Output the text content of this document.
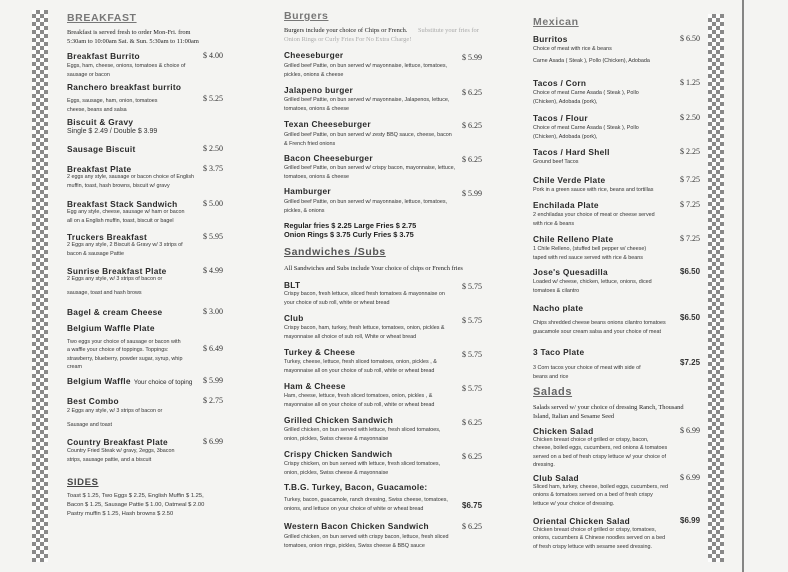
BREAKFAST
Breakfast is served fresh to order Mon-Fri. from
5:30am to 10:00am Sat. & Sun. 5:30am to 11:00am
Breakfast Burrito	$ 4.00
Eggs, ham, cheese, onions, tomatoes & choice of
sausage or bacon
Ranchero breakfast burrito
$ 5.25
Eggs, sausage, ham, onion, tomatoes
cheese, beans and salsa
Biscuit & Gravy
Single $ 2.49 / Double $ 3.99
Sausage Biscuit	$ 2.50
Breakfast Plate	$ 3.75
2 eggs any style, sausage or bacon choice of English
muffin, toast, hash browns, biscuit w/ gravy
Breakfast Stack Sandwich	$ 5.00
Egg any style, cheese, sausage w/ ham or bacon
all on a English muffin, toast, biscuit or bagel
Truckers Breakfast	$ 5.95
2 Eggs any style, 2 Biscuit & Gravy w/ 3 strips of
bacon & sausage Pattie
Sunrise Breakfast Plate	$ 4.99
2 Eggs any style, w/ 3 strips of bacon or
sausage, toast and hash brows
Bagel & cream Cheese	$ 3.00
Belgium Waffle Plate
$ 6.49
Two eggs your choice of sausage or bacon with
a waffle your choice of toppings. Toppings:
strawberry, blueberry, powder sugar, syrup, whip
cream
Belgium Waffle Your choice of toping $ 5.99
Best Combo	$ 2.75
2 Eggs any style, w/ 3 strips of bacon or
Sausage and toast
Country Breakfast Plate	$ 6.99
Country Fried Steak w/ gravy, 2eggs, 3bacon
strips, sausage pattie, and a biscuit
SIDES
Toast $ 1.25, Two Eggs $ 2.25, English Muffin $ 1.25,
Bacon $ 1.25, Sausage Pattie $ 1.00, Oatmeal $ 2.00
Pastry muffin $ 1.25, Hash browns $ 2.50
Burgers
Burgers include your choice of Chips or French. Substitute your fries for
Onion Rings or Curly Fries For No Extra Charge!
Cheeseburger	$ 5.99
Grilled beef Pattie, on bun served w/ mayonnaise, lettuce, tomatoes,
pickles, onions & cheese
Jalapeno burger	$ 6.25
Grilled beef Pattie, on bun served w/ mayonnaise, Jalapenos, lettuce,
tomatoes, onions & cheese
Texan Cheeseburger	$ 6.25
Grilled beef Pattie, on bun served w/ zesty BBQ sauce, cheese, bacon
& French fried onions
Bacon Cheeseburger	$ 6.25
Grilled beef Pattie, on bun served w/ crispy bacon, mayonnaise, lettuce,
tomatoes, onions & cheese
Hamburger	$ 5.99
Grilled beef Pattie, on bun served w/ mayonnaise, lettuce, tomatoes,
pickles, & onions
Regular fries $ 2.25 Large Fries $ 2.75
Onion Rings $ 3.75 Curly Fries $ 3.75
Sandwiches /Subs
All Sandwiches and Subs include Your choice of chips or French fries
BLT	$ 5.75
Crispy bacon, fresh lettuce, sliced fresh tomatoes & mayonnaise on
your choice of sub roll, white or wheat bread
Club	$ 5.75
Crispy bacon, ham, turkey, fresh lettuce, tomatoes, onion, pickles &
mayonnaise all choice of sub roll, White or wheat bread
Turkey & Cheese	$ 5.75
Turkey, cheese, lettuce, fresh sliced tomatoes, onion, pickles , &
mayonnaise all on your choice of sub roll, white or wheat bread
Ham & Cheese	$ 5.75
Ham, cheese, lettuce, fresh sliced tomatoes, onion, pickles , &
mayonnaise all on your choice of sub roll, white or wheat bread
Grilled Chicken Sandwich	$ 6.25
Grilled chicken, on bun served with lettuce, fresh sliced tomatoes,
onion, pickles, Swiss cheese & mayonnaise
Crispy Chicken Sandwich	$ 6.25
Crispy chicken, on bun served with lettuce, fresh sliced tomatoes,
onion, pickles, Swiss cheese & mayonnaise
T.B.G. Turkey, Bacon, Guacamole:
$6.75
Turkey, bacon, guacamole, ranch dressing, Swiss cheese, tomatoes,
onions, and lettuce on your choice of white or wheat bread
Western Bacon Chicken Sandwich	$ 6.25
Grilled chicken, on bun served with crispy bacon, lettuce, fresh sliced
tomatoes, onion rings, pickles, Swiss cheese & BBQ sauce
Mexican
Burritos	$ 6.50
Choice of meat with rice & beans
Carne Asada ( Steak ), Pollo (Chicken), Adobada
Tacos / Corn	$ 1.25
Choice of meat Carne Asada ( Steak ), Pollo
(Chicken), Adobada (pork),
Tacos / Flour	$ 2.50
Choice of meat Carne Asada ( Steak ), Pollo
(Chicken), Adobada (pork),
Tacos / Hard Shell	$ 2.25
Ground beef Tacos
Chile Verde Plate	$ 7.25
Pork in a green sauce with rice, beans and tortillas
Enchilada Plate	$ 7.25
2 enchiladas your choice of meat or cheese served
with rice & beans
Chile Relleno Plate	$ 7.25
1 Chile Relleno, (stuffed bell pepper w/ cheese)
taped with red sauce served with rice & beans
Jose's Quesadilla	$6.50
Loaded w/ cheese, chicken, lettuce, onions, diced
tomatoes & cilantro
Nacho plate
$6.50
Chips shredded cheese beans onions cilantro tomatoes
guacamole sour cream salsa and your choice of meat
3 Taco Plate
$7.25
3 Corn tacos your choice of meat with side of
beans and rice
Salads
Salads served w/ your choice of dressing Ranch, Thousand
Island, Italian and Sesame Seed
Chicken Salad	$ 6.99
Chicken breast choice of grilled or crispy, bacon,
cheese, boiled eggs, cucumbers, red onions & tomatoes
served on a bed of fresh crispy lettuce w/ your choice of
dressing.
Club Salad	$ 6.99
Sliced ham, turkey, cheese, boiled eggs, cucumbers, red
onions & tomatoes served on a bed of fresh crispy
lettuce w/ your choice of dressing.
Oriental Chicken Salad	$6.99
Chicken breast choice of grilled or crispy, tomatoes,
onions, cucumbers & Chinese noodles served on a bed
of fresh crispy lettuce with sesame seed dressing.
